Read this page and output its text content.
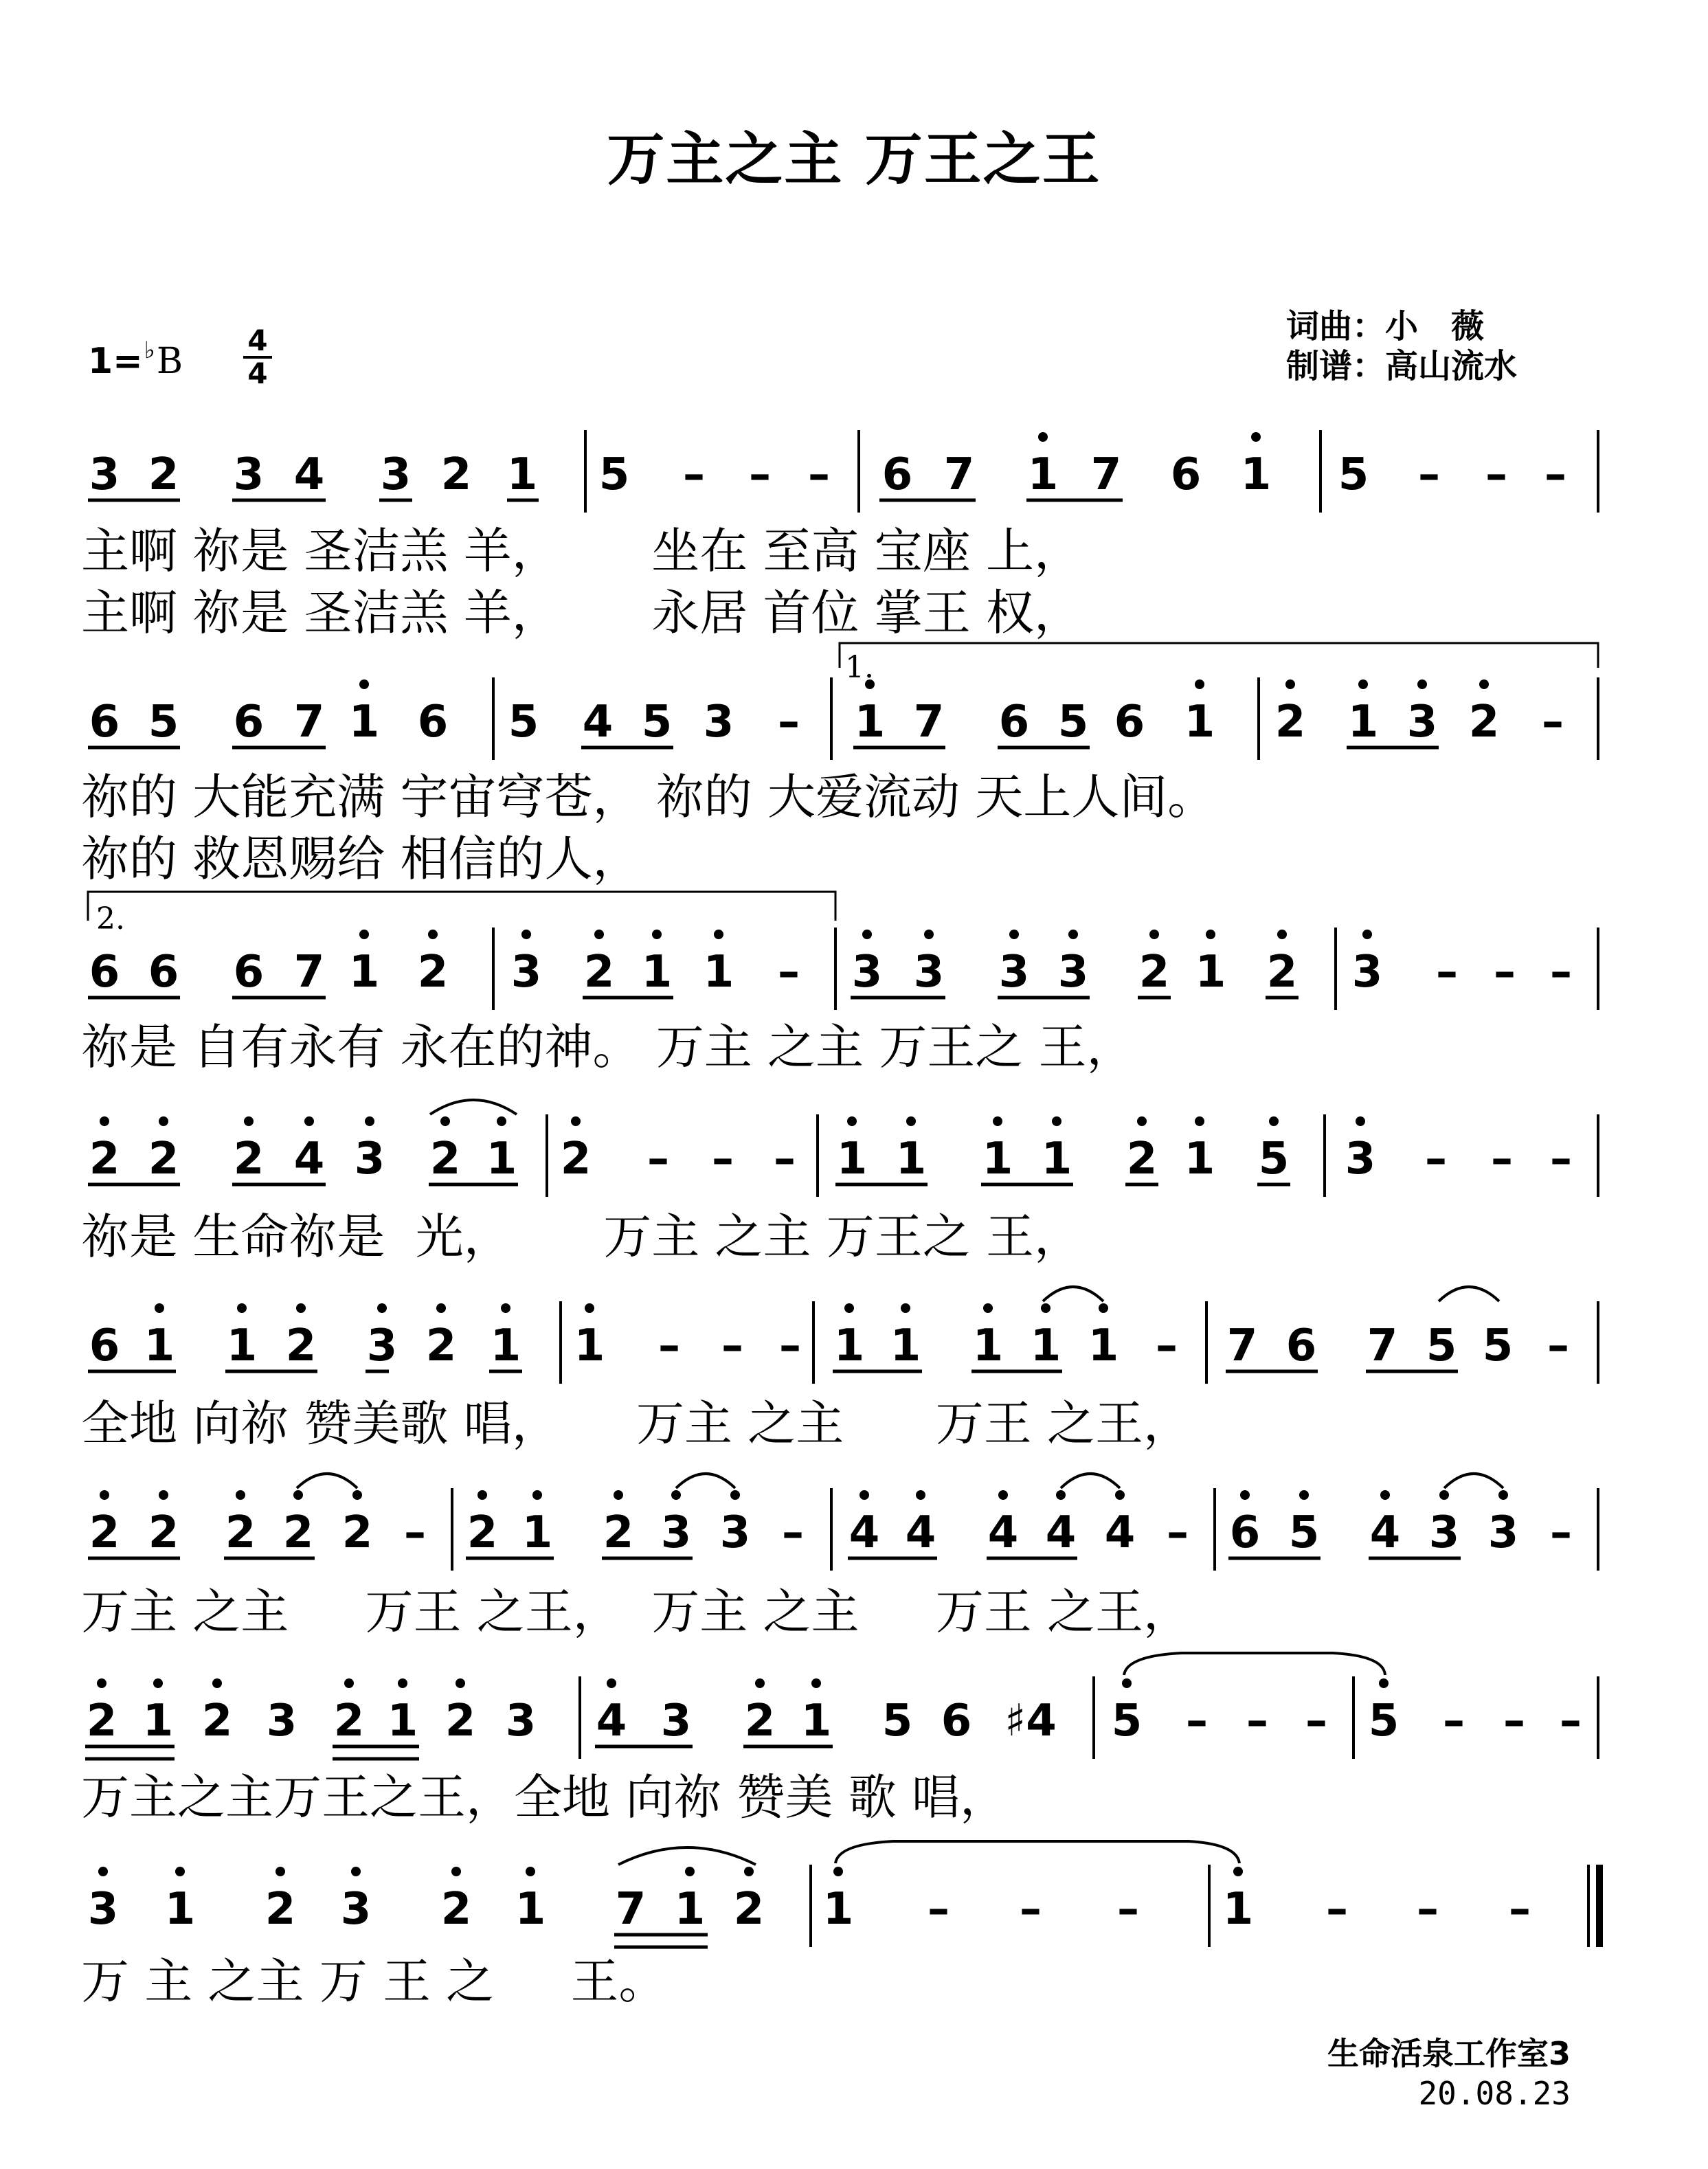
万主之主 万王之王
1=♭B
4
4
词曲：小　薇
制谱：高山流水
3 2 3 4 3 2 1 5 – – – 6 7 1 7 6 1 5 – – –
主啊 祢是 圣洁羔 羊，      坐在 至高 宝座 上，
主啊 祢是 圣洁羔 羊，      永居 首位 掌王 权，
6 5 6 7 1 6 5 4 5 3 – 1 7 6 5 6 1 2 1 3 2 –
1.
祢的 大能充满 宇宙穹苍， 祢的 大爱流动 天上人间。
祢的 救恩赐给 相信的人，
2.
6 6 6 7 1 2 3 2 1 1 – 3 3 3 3 2 1 2 3 – – –
祢是 自有永有 永在的神。 万主 之主 万王之 王，
2 2 2 4 3 2 1 2 – – – 1 1 1 1 2 1 5 3 – – –
祢是 生命祢是  光，      万主 之主 万王之 王，
6 1 1 2 3 2 1 1 – – – 1 1 1 1 1 – 7 6 7 5 5 –
全地 向祢 赞美歌 唱，     万主 之主      万王 之王，
2 2 2 2 2 – 2 1 2 3 3 – 4 4 4 4 4 – 6 5 4 3 3 –
万主 之主     万王 之王，  万主 之主     万王 之王，
2 1 2 3 2 1 2 3 4 3 2 1 5 6 ♯4 5 – – – 5 – – –
万主之主万王之王，全地 向祢 赞美 歌 唱，
3 1 2 3 2 1 7 1 2 1 – – – 1 – – –
万 主 之主 万 王 之     王。
生命活泉工作室3
20.08.23
